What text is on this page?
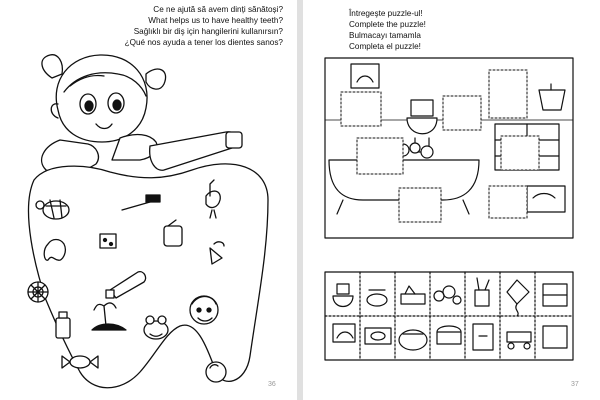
Ce ne ajută să avem dinți sănătoși?
What helps us to have healthy teeth?
Sağlıklı bir diş için hangilerini kullanırsın?
¿Qué nos ayuda a tener los dientes sanos?
36
Întregeşte puzzle-ul!
Complete the puzzle!
Bulmacayı tamamla
Completa el puzzle!
37
